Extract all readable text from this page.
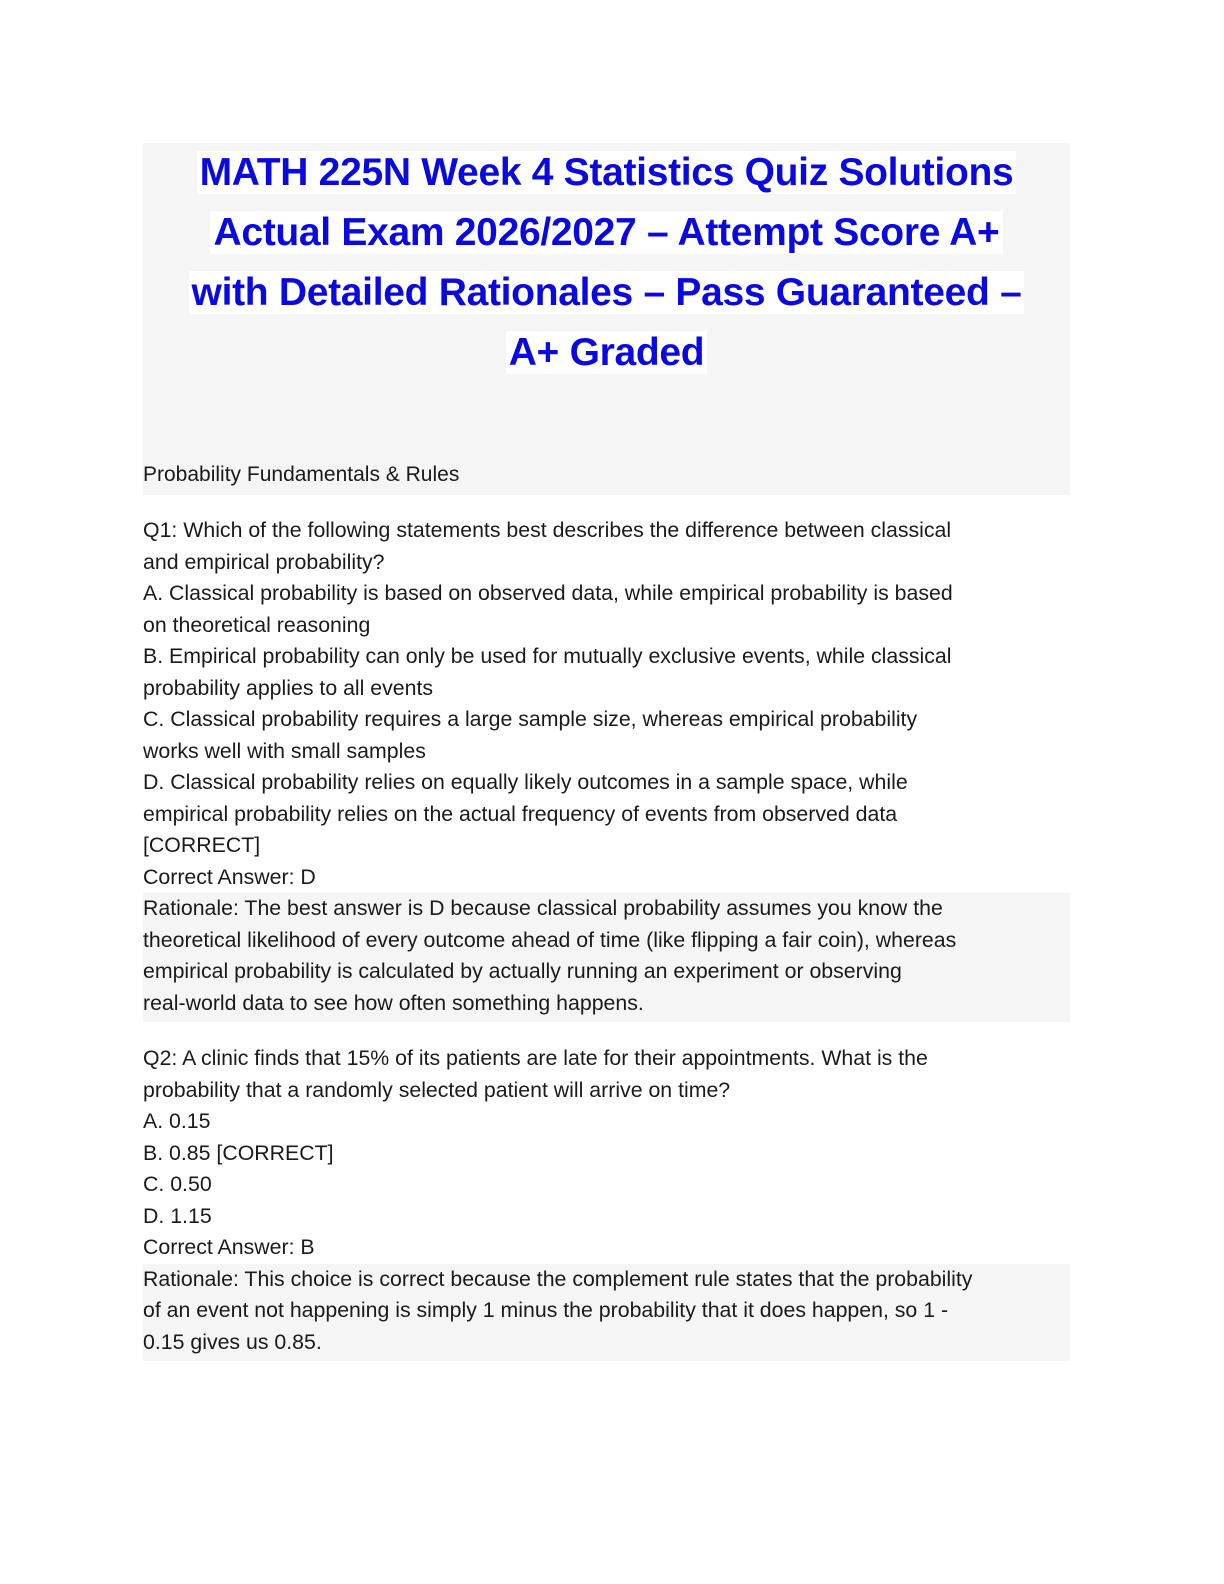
MATH 225N Week 4 Statistics Quiz Solutions
Actual Exam 2026/2027 – Attempt Score A+
with Detailed Rationales – Pass Guaranteed –
A+ Graded
Probability Fundamentals & Rules
Q1: Which of the following statements best describes the difference between classical
and empirical probability?
A. Classical probability is based on observed data, while empirical probability is based
on theoretical reasoning
B. Empirical probability can only be used for mutually exclusive events, while classical
probability applies to all events
C. Classical probability requires a large sample size, whereas empirical probability
works well with small samples
D. Classical probability relies on equally likely outcomes in a sample space, while
empirical probability relies on the actual frequency of events from observed data
[CORRECT]
Correct Answer: D
Rationale: The best answer is D because classical probability assumes you know the
theoretical likelihood of every outcome ahead of time (like flipping a fair coin), whereas
empirical probability is calculated by actually running an experiment or observing
real-world data to see how often something happens.
Q2: A clinic finds that 15% of its patients are late for their appointments. What is the
probability that a randomly selected patient will arrive on time?
A. 0.15
B. 0.85 [CORRECT]
C. 0.50
D. 1.15
Correct Answer: B
Rationale: This choice is correct because the complement rule states that the probability
of an event not happening is simply 1 minus the probability that it does happen, so 1 -
0.15 gives us 0.85.
